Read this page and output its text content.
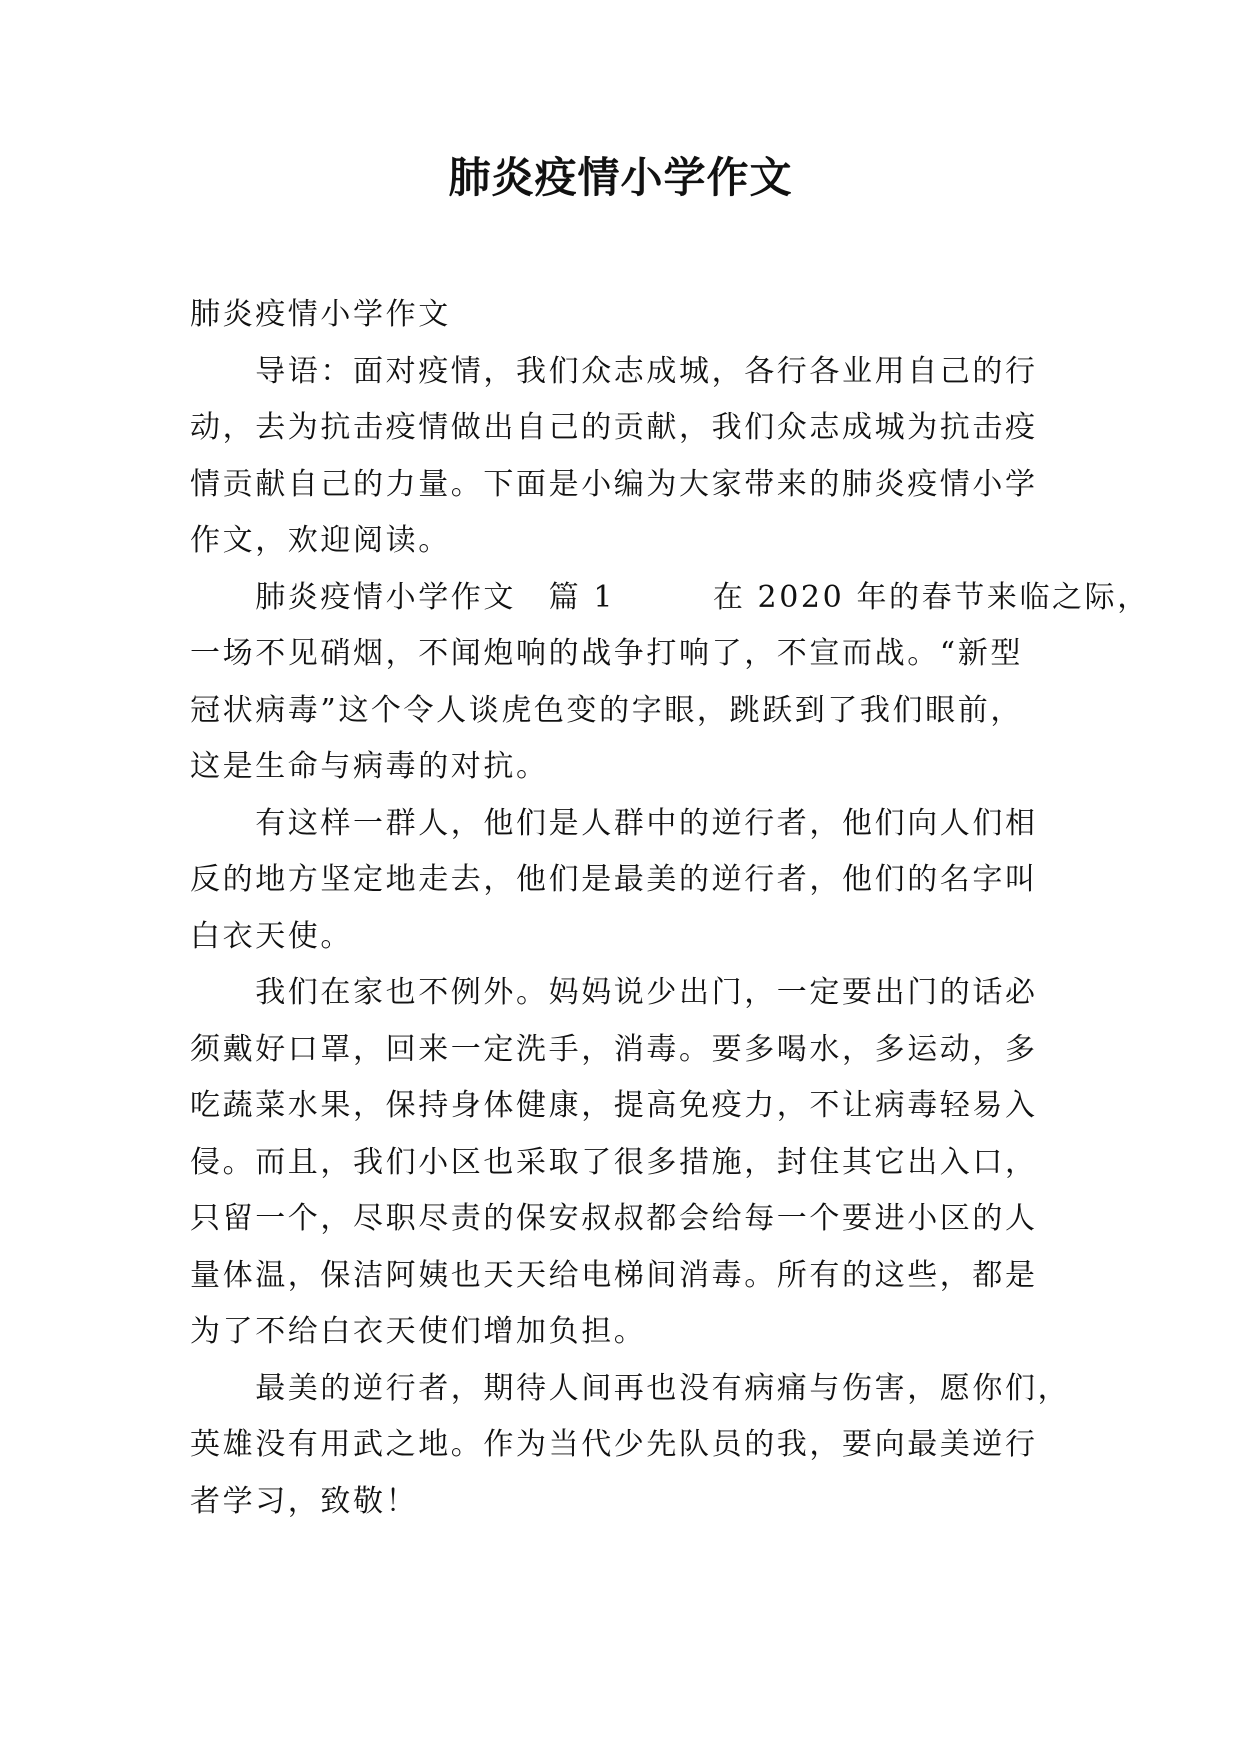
肺炎疫情小学作文
肺炎疫情小学作文
　　导语：面对疫情，我们众志成城，各行各业用自己的行
动，去为抗击疫情做出自己的贡献，我们众志成城为抗击疫
情贡献自己的力量。下面是小编为大家带来的肺炎疫情小学
作文，欢迎阅读。
　　肺炎疫情小学作文　篇 1　　　在 2020 年的春节来临之际，
一场不见硝烟，不闻炮响的战争打响了，不宣而战。“新型
冠状病毒”这个令人谈虎色变的字眼，跳跃到了我们眼前，
这是生命与病毒的对抗。
　　有这样一群人，他们是人群中的逆行者，他们向人们相
反的地方坚定地走去，他们是最美的逆行者，他们的名字叫
白衣天使。
　　我们在家也不例外。妈妈说少出门，一定要出门的话必
须戴好口罩，回来一定洗手，消毒。要多喝水，多运动，多
吃蔬菜水果，保持身体健康，提高免疫力，不让病毒轻易入
侵。而且，我们小区也采取了很多措施，封住其它出入口，
只留一个，尽职尽责的保安叔叔都会给每一个要进小区的人
量体温，保洁阿姨也天天给电梯间消毒。所有的这些，都是
为了不给白衣天使们增加负担。
　　最美的逆行者，期待人间再也没有病痛与伤害，愿你们，
英雄没有用武之地。作为当代少先队员的我，要向最美逆行
者学习，致敬！
